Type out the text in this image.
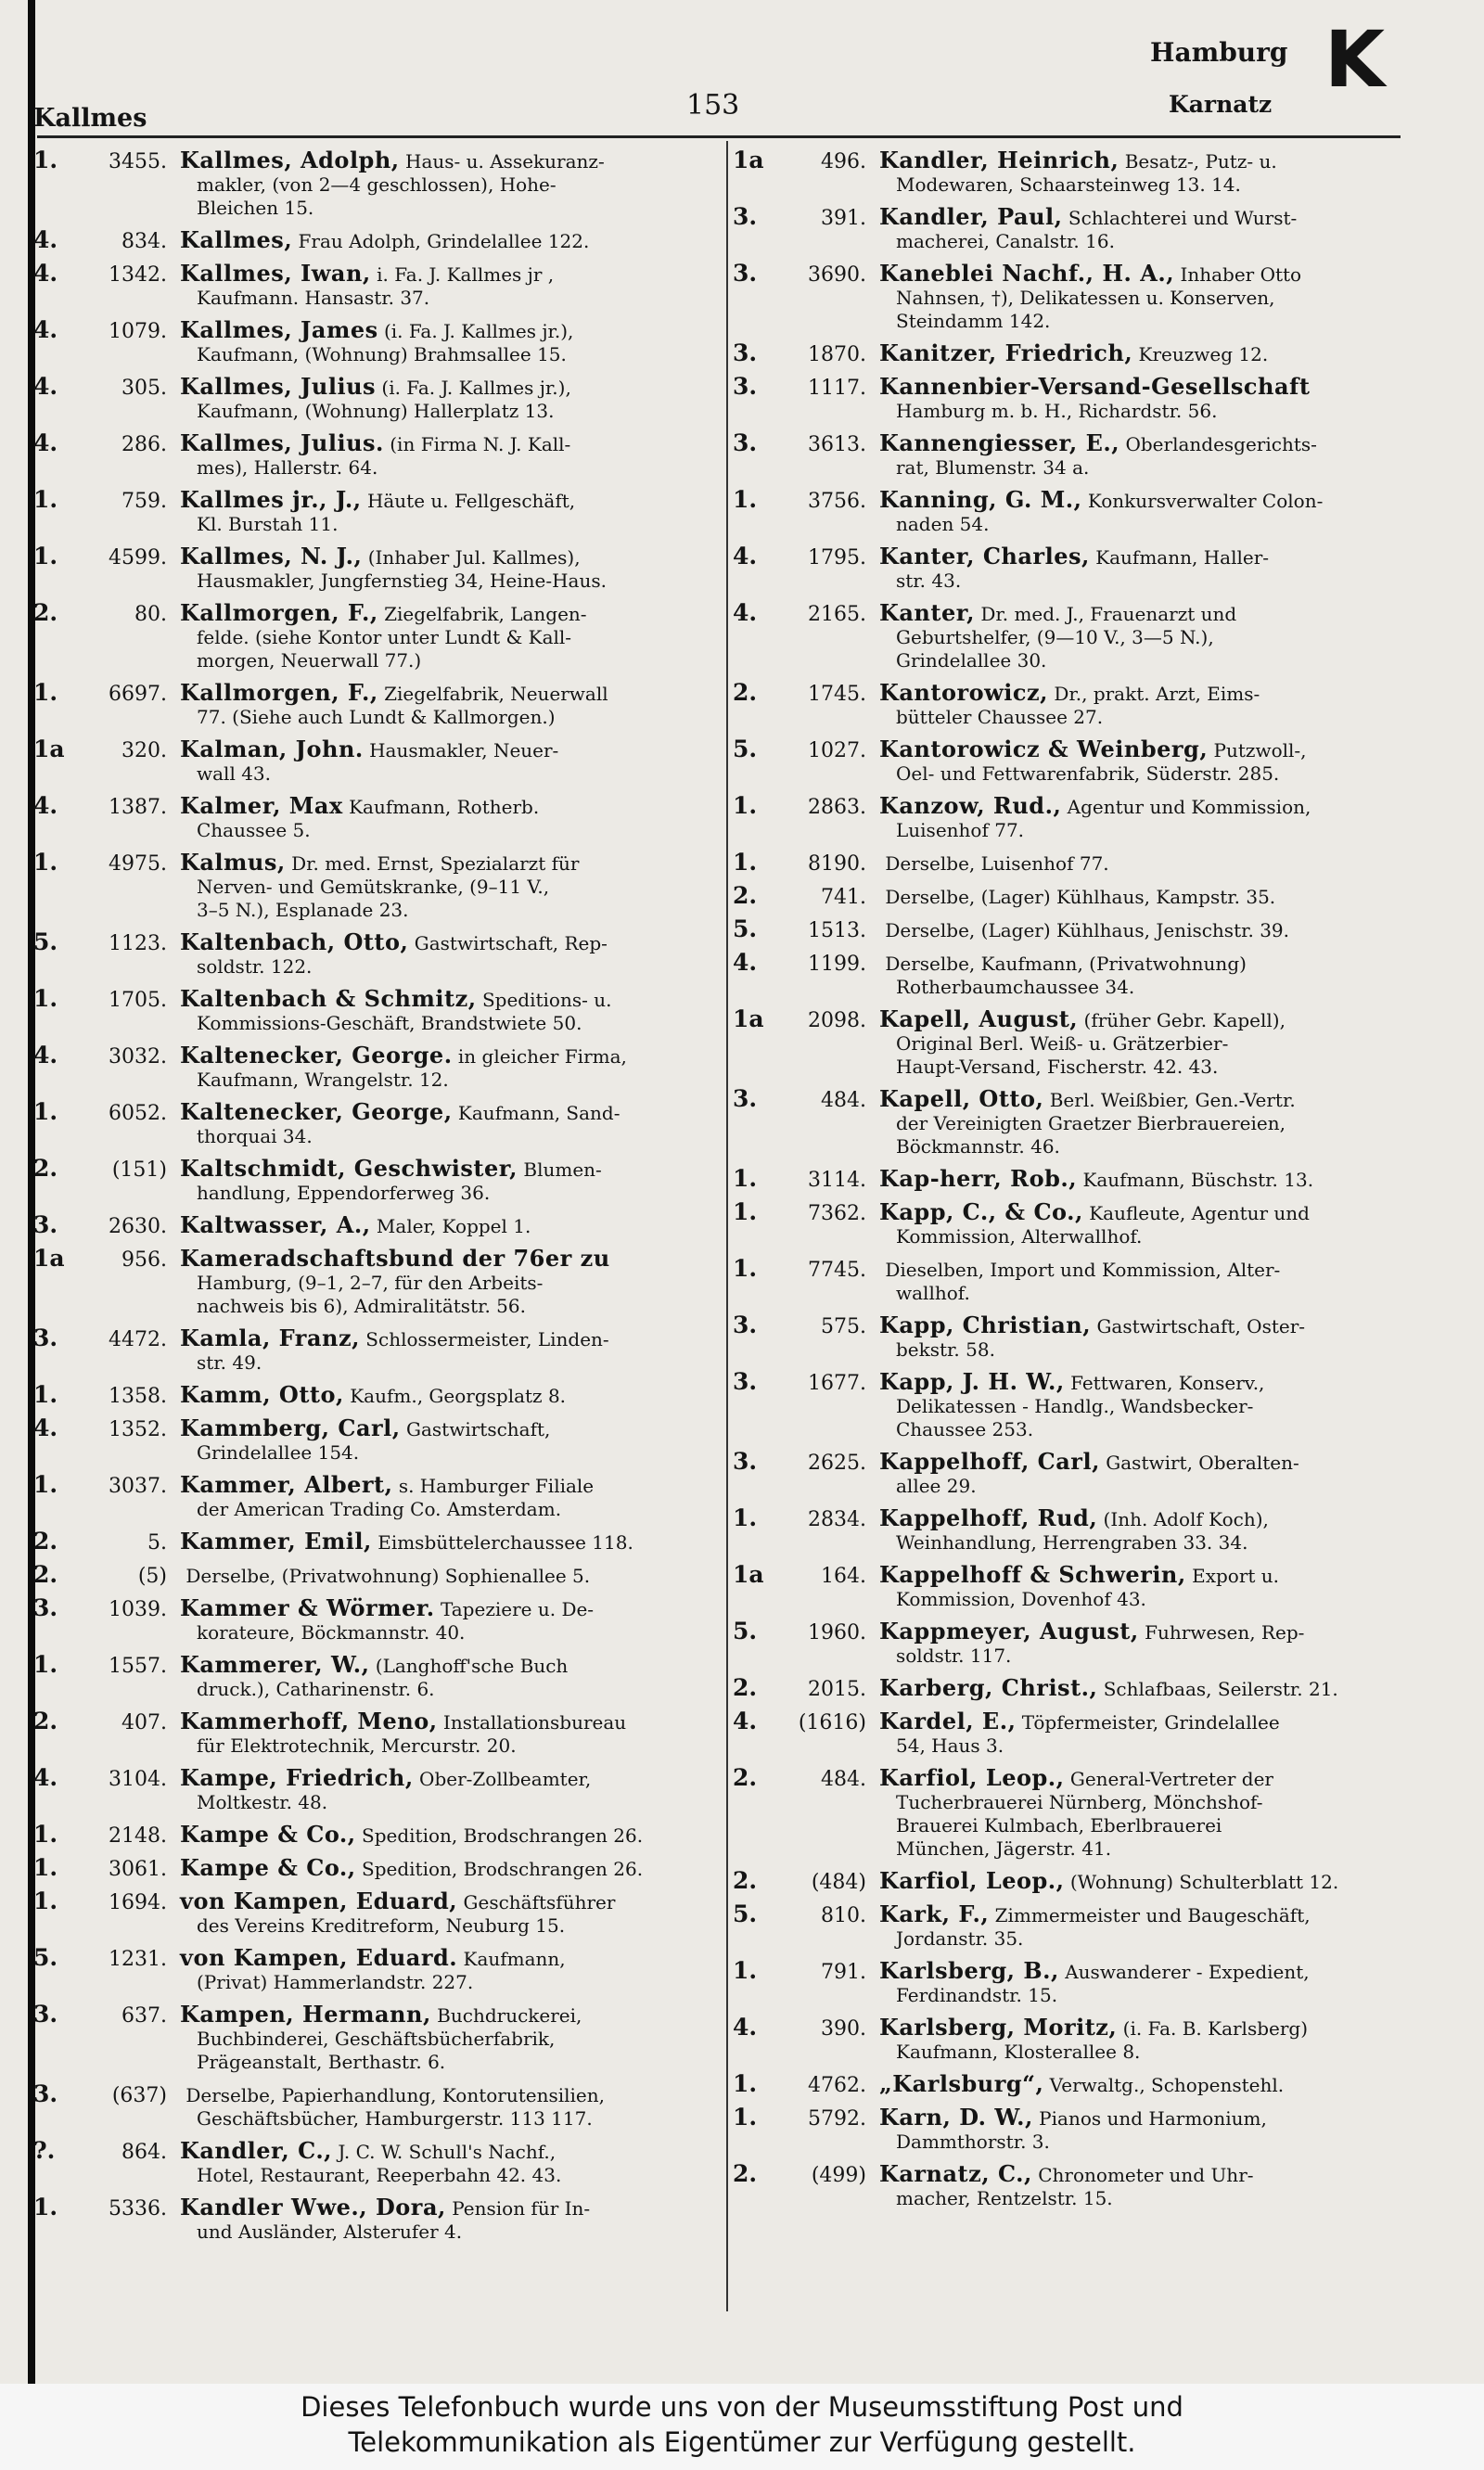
Kallmes	153
Hamburg
Karnatz K
1. 3455. Kallmes, Adolph, Haus- u. Assekuranz-
makler, (von 2—4 geschlossen), Hohe-
Bleichen 15.
4.	834. Kallmes, Frau Adolph, Grindelallee 122.
4. 1342. Kallmes, Iwan, i. Fa. J. Kallmes jr ,
Kaufmann. Hansastr. 37.
4. 1079. Kallmes, James (i. Fa. J. Kallmes jr.),
Kaufmann, (Wohnung) Brahmsallee 15.
4.	305. Kallmes, Julius (i. Fa. J. Kallmes jr.),
Kaufmann, (Wohnung) Hallerplatz 13.
4.	286. Kallmes, Julius. (in Firma N. J. Kall-
mes), Hallerstr. 64.
1.	759. Kallmes jr., J., Häute u. Fellgeschäft,
Kl. Burstah 11.
1. 4599. Kallmes, N. J., (Inhaber Jul. Kallmes),
Hausmakler, Jungfernstieg 34, Heine-Haus.
2.	80. Kallmorgen, F., Ziegelfabrik, Langen-
felde. (siehe Kontor unter Lundt & Kall-
morgen, Neuerwall 77.)
1. 6697. Kallmorgen, F., Ziegelfabrik, Neuerwall
77. (Siehe auch Lundt & Kallmorgen.)
1a	320. Kalman, John. Hausmakler, Neuer-
wall 43.
4. 1387. Kalmer, Max Kaufmann, Rotherb.
Chaussee 5.
1. 4975. Kalmus, Dr. med. Ernst, Spezialarzt für
Nerven- und Gemütskranke, (9–11 V.,
3–5 N.), Esplanade 23.
5. 1123. Kaltenbach, Otto, Gastwirtschaft, Rep-
soldstr. 122.
1. 1705. Kaltenbach & Schmitz, Speditions- u.
Kommissions-Geschäft, Brandstwiete 50.
4. 3032. Kaltenecker, George. in gleicher Firma,
Kaufmann, Wrangelstr. 12.
1. 6052. Kaltenecker, George, Kaufmann, Sand-
thorquai 34.
2.	(151) Kaltschmidt, Geschwister, Blumen-
handlung, Eppendorferweg 36.
3. 2630. Kaltwasser, A., Maler, Koppel 1.
1a	956. Kameradschaftsbund der 76er zu
Hamburg, (9–1, 2–7, für den Arbeits-
nachweis bis 6), Admiralitätstr. 56.
3. 4472. Kamla, Franz, Schlossermeister, Linden-
str. 49.
1. 1358. Kamm, Otto, Kaufm., Georgsplatz 8.
4. 1352. Kammberg, Carl, Gastwirtschaft,
Grindelallee 154.
1. 3037. Kammer, Albert, s. Hamburger Filiale
der American Trading Co. Amsterdam.
2.	5. Kammer, Emil, Eimsbüttelerchaussee 118.
2.	(5) Derselbe, (Privatwohnung) Sophienallee 5.
3. 1039. Kammer & Wörmer. Tapeziere u. De-
korateure, Böckmannstr. 40.
1. 1557. Kammerer, W., (Langhoff'sche Buch
druck.), Catharinenstr. 6.
2.	407. Kammerhoff, Meno, Installationsbureau
für Elektrotechnik, Mercurstr. 20.
4. 3104. Kampe, Friedrich, Ober-Zollbeamter,
Moltkestr. 48.
1. 2148. Kampe & Co., Spedition, Brodschrangen 26.
1. 3061. Kampe & Co., Spedition, Brodschrangen 26.
1. 1694. von Kampen, Eduard, Geschäftsführer
des Vereins Kreditreform, Neuburg 15.
5. 1231. von Kampen, Eduard. Kaufmann,
(Privat) Hammerlandstr. 227.
3.	637. Kampen, Hermann, Buchdruckerei,
Buchbinderei, Geschäftsbücherfabrik,
Prägeanstalt, Berthastr. 6.
3.	(637) Derselbe, Papierhandlung, Kontorutensilien,
Geschäftsbücher, Hamburgerstr. 113 117.
?.	864. Kandler, C., J. C. W. Schull's Nachf.,
Hotel, Restaurant, Reeperbahn 42. 43.
1. 5336. Kandler Wwe., Dora, Pension für In-
und Ausländer, Alsterufer 4.
1a	496. Kandler, Heinrich, Besatz-, Putz- u.
Modewaren, Schaarsteinweg 13. 14.
3.	391. Kandler, Paul, Schlachterei und Wurst-
macherei, Canalstr. 16.
3. 3690. Kaneblei Nachf., H. A., Inhaber Otto
Nahnsen, †), Delikatessen u. Konserven,
Steindamm 142.
3. 1870. Kanitzer, Friedrich, Kreuzweg 12.
3. 1117. Kannenbier-Versand-Gesellschaft
Hamburg m. b. H., Richardstr. 56.
3. 3613. Kannengiesser, E., Oberlandesgerichts-
rat, Blumenstr. 34 a.
1. 3756. Kanning, G. M., Konkursverwalter Colon-
naden 54.
4. 1795. Kanter, Charles, Kaufmann, Haller-
str. 43.
4. 2165. Kanter, Dr. med. J., Frauenarzt und
Geburtshelfer, (9—10 V., 3—5 N.),
Grindelallee 30.
2. 1745. Kantorowicz, Dr., prakt. Arzt, Eims-
bütteler Chaussee 27.
5. 1027. Kantorowicz & Weinberg, Putzwoll-,
Oel- und Fettwarenfabrik, Süderstr. 285.
1. 2863. Kanzow, Rud., Agentur und Kommission,
Luisenhof 77.
1. 8190. Derselbe, Luisenhof 77.
2.	741. Derselbe, (Lager) Kühlhaus, Kampstr. 35.
5. 1513. Derselbe, (Lager) Kühlhaus, Jenischstr. 39.
4. 1199. Derselbe, Kaufmann, (Privatwohnung)
Rotherbaumchaussee 34.
1a 2098. Kapell, August, (früher Gebr. Kapell),
Original Berl. Weiß- u. Grätzerbier-
Haupt-Versand, Fischerstr. 42. 43.
3.	484. Kapell, Otto, Berl. Weißbier, Gen.-Vertr.
der Vereinigten Graetzer Bierbrauereien,
Böckmannstr. 46.
1. 3114. Kap-herr, Rob., Kaufmann, Büschstr. 13.
1. 7362. Kapp, C., & Co., Kaufleute, Agentur und
Kommission, Alterwallhof.
1. 7745. Dieselben, Import und Kommission, Alter-
wallhof.
3.	575. Kapp, Christian, Gastwirtschaft, Oster-
bekstr. 58.
3. 1677. Kapp, J. H. W., Fettwaren, Konserv.,
Delikatessen - Handlg., Wandsbecker-
Chaussee 253.
3. 2625. Kappelhoff, Carl, Gastwirt, Oberalten-
allee 29.
1. 2834. Kappelhoff, Rud, (Inh. Adolf Koch),
Weinhandlung, Herrengraben 33. 34.
1a	164. Kappelhoff & Schwerin, Export u.
Kommission, Dovenhof 43.
5. 1960. Kappmeyer, August, Fuhrwesen, Rep-
soldstr. 117.
2. 2015. Karberg, Christ., Schlafbaas, Seilerstr. 21.
4. (1616) Kardel, E., Töpfermeister, Grindelallee
54, Haus 3.
2.	484. Karfiol, Leop., General-Vertreter der
Tucherbrauerei Nürnberg, Mönchshof-
Brauerei Kulmbach, Eberlbrauerei
München, Jägerstr. 41.
2.	(484) Karfiol, Leop., (Wohnung) Schulterblatt 12.
5.	810. Kark, F., Zimmermeister und Baugeschäft,
Jordanstr. 35.
1.	791. Karlsberg, B., Auswanderer - Expedient,
Ferdinandstr. 15.
4.	390. Karlsberg, Moritz, (i. Fa. B. Karlsberg)
Kaufmann, Klosterallee 8.
1. 4762. „Karlsburg“, Verwaltg., Schopenstehl.
1. 5792. Karn, D. W., Pianos und Harmonium,
Dammthorstr. 3.
2.	(499) Karnatz, C., Chronometer und Uhr-
macher, Rentzelstr. 15.
Dieses Telefonbuch wurde uns von der Museumsstiftung Post und
Telekommunikation als Eigentümer zur Verfügung gestellt.
